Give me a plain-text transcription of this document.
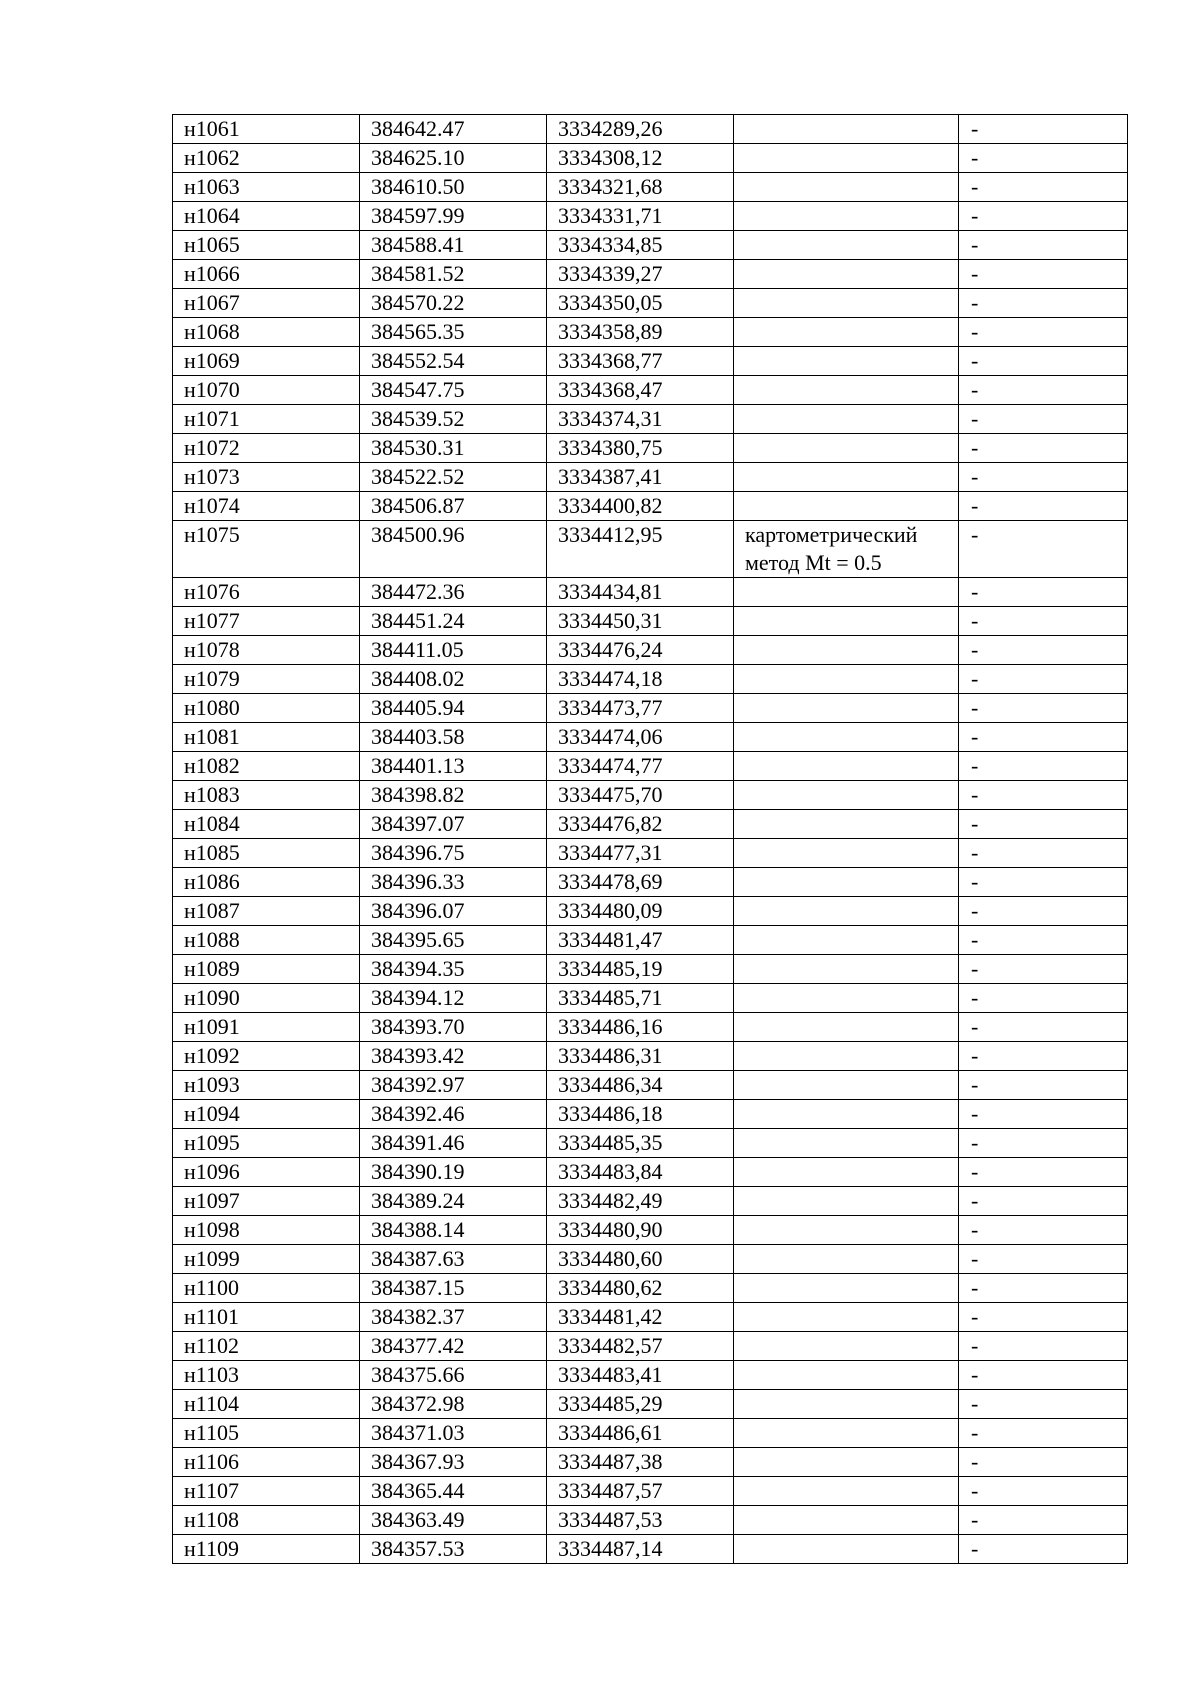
н1061	384642.47	3334289,26		-
н1062	384625.10	3334308,12		-
н1063	384610.50	3334321,68		-
н1064	384597.99	3334331,71		-
н1065	384588.41	3334334,85		-
н1066	384581.52	3334339,27		-
н1067	384570.22	3334350,05		-
н1068	384565.35	3334358,89		-
н1069	384552.54	3334368,77		-
н1070	384547.75	3334368,47		-
н1071	384539.52	3334374,31		-
н1072	384530.31	3334380,75		-
н1073	384522.52	3334387,41		-
н1074	384506.87	3334400,82		-
н1075	384500.96	3334412,95	картометрический метод Mt = 0.5	-
н1076	384472.36	3334434,81		-
н1077	384451.24	3334450,31		-
н1078	384411.05	3334476,24		-
н1079	384408.02	3334474,18		-
н1080	384405.94	3334473,77		-
н1081	384403.58	3334474,06		-
н1082	384401.13	3334474,77		-
н1083	384398.82	3334475,70		-
н1084	384397.07	3334476,82		-
н1085	384396.75	3334477,31		-
н1086	384396.33	3334478,69		-
н1087	384396.07	3334480,09		-
н1088	384395.65	3334481,47		-
н1089	384394.35	3334485,19		-
н1090	384394.12	3334485,71		-
н1091	384393.70	3334486,16		-
н1092	384393.42	3334486,31		-
н1093	384392.97	3334486,34		-
н1094	384392.46	3334486,18		-
н1095	384391.46	3334485,35		-
н1096	384390.19	3334483,84		-
н1097	384389.24	3334482,49		-
н1098	384388.14	3334480,90		-
н1099	384387.63	3334480,60		-
н1100	384387.15	3334480,62		-
н1101	384382.37	3334481,42		-
н1102	384377.42	3334482,57		-
н1103	384375.66	3334483,41		-
н1104	384372.98	3334485,29		-
н1105	384371.03	3334486,61		-
н1106	384367.93	3334487,38		-
н1107	384365.44	3334487,57		-
н1108	384363.49	3334487,53		-
н1109	384357.53	3334487,14		-
